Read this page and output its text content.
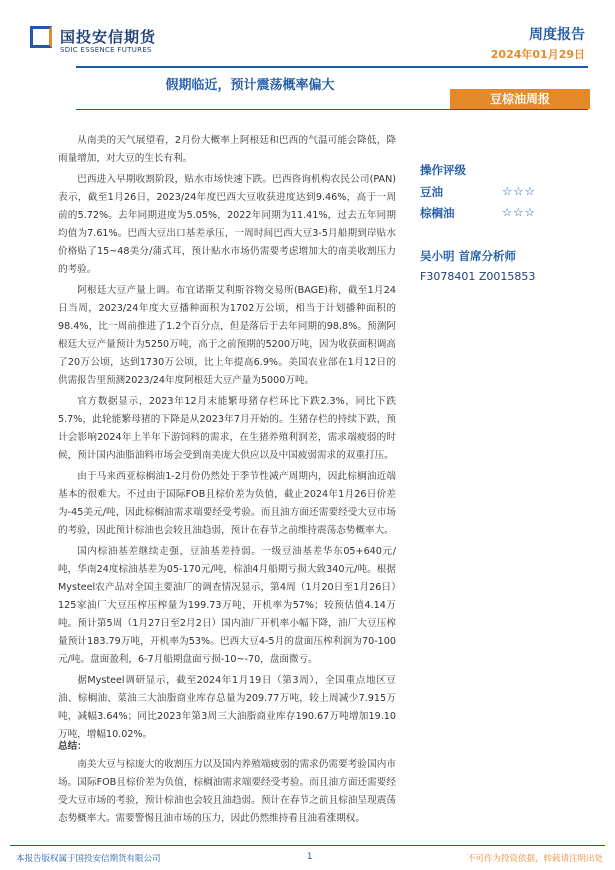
国投安信期货
SDIC ESSENCE FUTURES
周度报告
2024年01月29日
假期临近，预计震荡概率偏大
豆棕油周报

从南美的天气展望看，2月份大概率上阿根廷和巴西的气温可能会降低，降雨量增加，对大豆的生长有利。

巴西进入早期收割阶段，贴水市场快速下跌。巴西咨询机构农民公司(PAN)表示，截至1月26日，2023/24年度巴西大豆收获进度达到9.46%，高于一周前的5.72%。去年同期进度为5.05%，2022年同期为11.41%，过去五年同期均值为7.61%。巴西大豆出口基差承压，一周时间巴西大豆3-5月船期到岸贴水价格贴了15~48美分/蒲式耳，预计贴水市场仍需要考虑增加大的南美收割压力的考验。

阿根廷大豆产量上调。布宜诺斯艾利斯谷物交易所(BAGE)称，截至1月24日当周，2023/24年度大豆播种面积为1702万公顷，相当于计划播种面积的98.4%，比一周前推进了1.2个百分点，但是落后于去年同期的98.8%。预测阿根廷大豆产量预计为5250万吨，高于之前预期的5200万吨，因为收获面积调高了20万公顷，达到1730万公顷，比上年提高6.9%。美国农业部在1月12日的供需报告里预测2023/24年度阿根廷大豆产量为5000万吨。

官方数据显示，2023年12月末能繁母猪存栏环比下跌2.3%，同比下跌5.7%，此轮能繁母猪的下降是从2023年7月开始的。生猪存栏的持续下跌，预计会影响2024年上半年下游饲料的需求，在生猪养殖利润差，需求端疲弱的时候，预计国内油脂油料市场会受到南美庞大供应以及中国疲弱需求的双重打压。

由于马来西亚棕榈油1-2月份仍然处于季节性减产周期内，因此棕榈油近端基本的很难大。不过由于国际FOB且棕价差为负值，截止2024年1月26日价差为-45美元/吨，因此棕榈油需求端要经受考验。而且油方面还需要经受大豆市场的考验，因此预计棕油也会较且油趋弱，预计在春节之前维持震荡态势概率大。

国内棕油基差继续走强，豆油基差持弱。一级豆油基差华东05+640元/吨，华南24度棕油基差为05-170元/吨，棕油4月船期亏损大致340元/吨。根据Mysteel农产品对全国主要油厂的调查情况显示，第4周（1月20日至1月26日）125家油厂大豆压榨压榨量为199.73万吨，开机率为57%；较预估值4.14万吨。预计第5周（1月27日至2月2日）国内油厂开机率小幅下降，油厂大豆压榨量预计183.79万吨，开机率为53%。巴西大豆4-5月的盘面压榨利润为70-100元/吨。盘面盈利，6-7月船期盘面亏损-10~-70，盘面微亏。

据Mysteel调研显示，截至2024年1月19日（第3周），全国重点地区豆油、棕榈油、菜油三大油脂商业库存总量为209.77万吨，较上周减少7.915万吨，减幅3.64%；同比2023年第3周三大油脂商业库存190.67万吨增加19.10万吨，增幅10.02%。

总结：

南美大豆与棕庞大的收割压力以及国内养殖端疲弱的需求仍需要考验国内市场。国际FOB且棕价差为负值，棕榈油需求端要经受考验。而且油方面还需要经受大豆市场的考验，预计棕油也会较且油趋弱。预计在春节之前且棕油呈现震荡态势概率大。需要警惕且油市场的压力，因此仍然维持看且油看涨期权。

操作评级
豆油	☆☆☆
棕榈油	☆☆☆
吴小明 首席分析师
F3078401 Z0015853
本报告版权属于国投安信期货有限公司	1	不可作为投资依据，转载请注明出处
